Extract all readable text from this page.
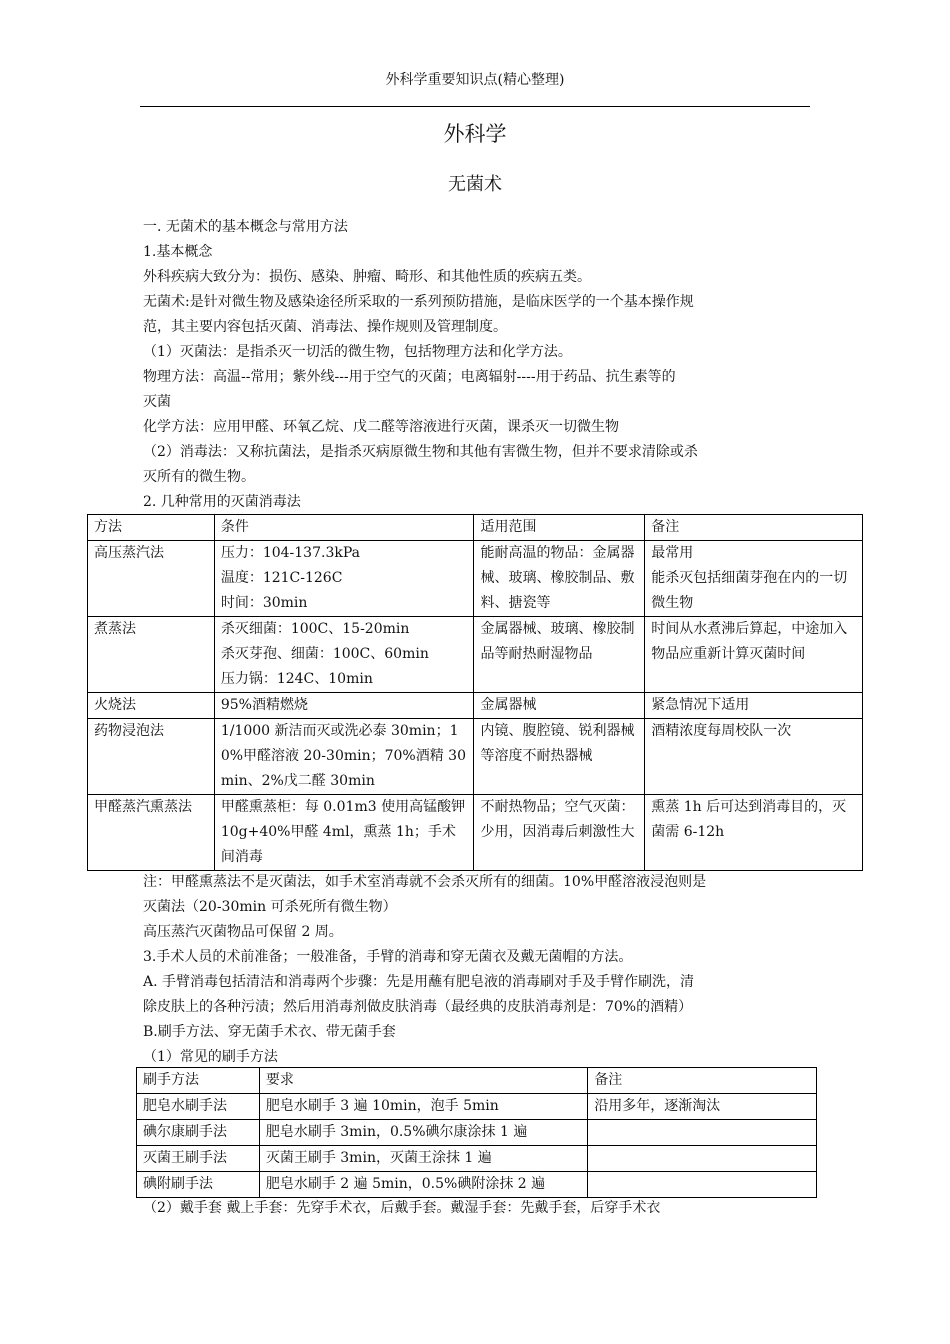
外科学重要知识点(精心整理)
外科学
无菌术

一. 无菌术的基本概念与常用方法

1.基本概念

外科疾病大致分为：损伤、感染、肿瘤、畸形、和其他性质的疾病五类。

无菌术:是针对微生物及感染途径所采取的一系列预防措施，是临床医学的一个基本操作规

范，其主要内容包括灭菌、消毒法、操作规则及管理制度。

（1）灭菌法：是指杀灭一切活的微生物，包括物理方法和化学方法。

物理方法：高温--常用；紫外线---用于空气的灭菌；电离辐射----用于药品、抗生素等的

灭菌

化学方法：应用甲醛、环氧乙烷、戊二醛等溶液进行灭菌，课杀灭一切微生物

（2）消毒法：又称抗菌法，是指杀灭病原微生物和其他有害微生物，但并不要求清除或杀

灭所有的微生物。

2. 几种常用的灭菌消毒法

方法	条件	适用范围	备注
高压蒸汽法	压力：104-137.3kPa
温度：121C-126C
时间：30min	能耐高温的物品：金属器械、玻璃、橡胶制品、敷料、搪瓷等	最常用
能杀灭包括细菌芽孢在内的一切微生物

煮蒸法	杀灭细菌：100C、15-20min
杀灭芽孢、细菌：100C、60min
压力锅：124C、10min	金属器械、玻璃、橡胶制品等耐热耐湿物品	时间从水煮沸后算起，中途加入物品应重新计算灭菌时间

火烧法	95%酒精燃烧	金属器械	紧急情况下适用

药物浸泡法	1/1000 新洁而灭或洗必泰 30min；10%甲醛溶液 20-30min；70%酒精 30min、2%戊二醛 30min	内镜、腹腔镜、锐利器械等溶度不耐热器械	酒精浓度每周校队一次

甲醛蒸汽熏蒸法	甲醛熏蒸柜：每 0.01m3 使用高锰酸钾 10g+40%甲醛 4ml，熏蒸 1h；手术间消毒	不耐热物品；空气灭菌：少用，因消毒后刺激性大	熏蒸 1h 后可达到消毒目的，灭菌需 6-12h

注：甲醛熏蒸法不是灭菌法，如手术室消毒就不会杀灭所有的细菌。10%甲醛溶液浸泡则是

灭菌法（20-30min 可杀死所有微生物）

高压蒸汽灭菌物品可保留 2 周。

3.手术人员的术前准备；一般准备，手臂的消毒和穿无菌衣及戴无菌帽的方法。

A. 手臂消毒包括清洁和消毒两个步骤：先是用蘸有肥皂液的消毒刷对手及手臂作刷洗，清

除皮肤上的各种污渍；然后用消毒剂做皮肤消毒（最经典的皮肤消毒剂是：70%的酒精）

B.刷手方法、穿无菌手术衣、带无菌手套

（1）常见的刷手方法

刷手方法	要求	备注
肥皂水刷手法	肥皂水刷手 3 遍 10min，泡手 5min	沿用多年，逐渐淘汰
碘尔康刷手法	肥皂水刷手 3min，0.5%碘尔康涂抹 1 遍	
灭菌王刷手法	灭菌王刷手 3min，灭菌王涂抹 1 遍	
碘附刷手法	肥皂水刷手 2 遍 5min，0.5%碘附涂抹 2 遍	

（2）戴手套 戴上手套：先穿手术衣，后戴手套。戴湿手套：先戴手套，后穿手术衣
